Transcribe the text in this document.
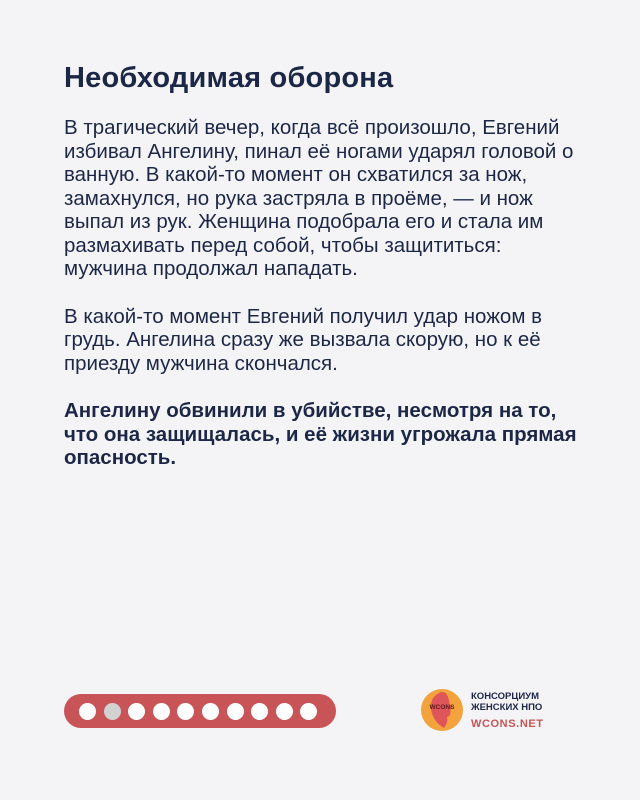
Необходимая оборона

В трагический вечер, когда всё произошло, Евгений избивал Ангелину, пинал её ногами ударял головой о ванную. В какой-то момент он схватился за нож, замахнулся, но рука застряла в проёме, — и нож выпал из рук. Женщина подобрала его и стала им размахивать перед собой, чтобы защититься: мужчина продолжал нападать.

В какой-то момент Евгений получил удар ножом в грудь. Ангелина сразу же вызвала скорую, но к её приезду мужчина скончался.

Ангелину обвинили в убийстве, несмотря на то, что она защищалась, и её жизни угрожала прямая опасность.

WCONS
КОНСОРЦИУМ
ЖЕНСКИХ НПО
WCONS.NET
